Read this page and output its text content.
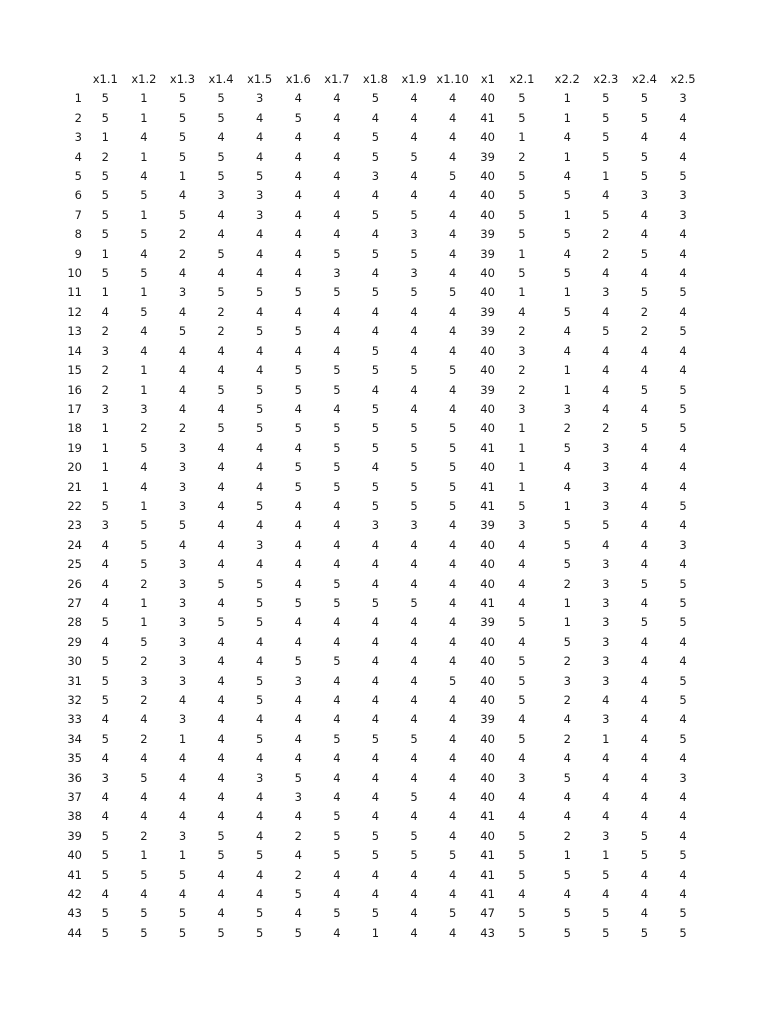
	x1.1	x1.2	x1.3	x1.4	x1.5	x1.6	x1.7	x1.8	x1.9	x1.10	x1	x2.1	x2.2	x2.3	x2.4	x2.5
1	5	1	5	5	3	4	4	5	4	4	40	5	1	5	5	3
2	5	1	5	5	4	5	4	4	4	4	41	5	1	5	5	4
3	1	4	5	4	4	4	4	5	4	4	40	1	4	5	4	4
4	2	1	5	5	4	4	4	5	5	4	39	2	1	5	5	4
5	5	4	1	5	5	4	4	3	4	5	40	5	4	1	5	5
6	5	5	4	3	3	4	4	4	4	4	40	5	5	4	3	3
7	5	1	5	4	3	4	4	5	5	4	40	5	1	5	4	3
8	5	5	2	4	4	4	4	4	3	4	39	5	5	2	4	4
9	1	4	2	5	4	4	5	5	5	4	39	1	4	2	5	4
10	5	5	4	4	4	4	3	4	3	4	40	5	5	4	4	4
11	1	1	3	5	5	5	5	5	5	5	40	1	1	3	5	5
12	4	5	4	2	4	4	4	4	4	4	39	4	5	4	2	4
13	2	4	5	2	5	5	4	4	4	4	39	2	4	5	2	5
14	3	4	4	4	4	4	4	5	4	4	40	3	4	4	4	4
15	2	1	4	4	4	5	5	5	5	5	40	2	1	4	4	4
16	2	1	4	5	5	5	5	4	4	4	39	2	1	4	5	5
17	3	3	4	4	5	4	4	5	4	4	40	3	3	4	4	5
18	1	2	2	5	5	5	5	5	5	5	40	1	2	2	5	5
19	1	5	3	4	4	4	5	5	5	5	41	1	5	3	4	4
20	1	4	3	4	4	5	5	4	5	5	40	1	4	3	4	4
21	1	4	3	4	4	5	5	5	5	5	41	1	4	3	4	4
22	5	1	3	4	5	4	4	5	5	5	41	5	1	3	4	5
23	3	5	5	4	4	4	4	3	3	4	39	3	5	5	4	4
24	4	5	4	4	3	4	4	4	4	4	40	4	5	4	4	3
25	4	5	3	4	4	4	4	4	4	4	40	4	5	3	4	4
26	4	2	3	5	5	4	5	4	4	4	40	4	2	3	5	5
27	4	1	3	4	5	5	5	5	5	4	41	4	1	3	4	5
28	5	1	3	5	5	4	4	4	4	4	39	5	1	3	5	5
29	4	5	3	4	4	4	4	4	4	4	40	4	5	3	4	4
30	5	2	3	4	4	5	5	4	4	4	40	5	2	3	4	4
31	5	3	3	4	5	3	4	4	4	5	40	5	3	3	4	5
32	5	2	4	4	5	4	4	4	4	4	40	5	2	4	4	5
33	4	4	3	4	4	4	4	4	4	4	39	4	4	3	4	4
34	5	2	1	4	5	4	5	5	5	4	40	5	2	1	4	5
35	4	4	4	4	4	4	4	4	4	4	40	4	4	4	4	4
36	3	5	4	4	3	5	4	4	4	4	40	3	5	4	4	3
37	4	4	4	4	4	3	4	4	5	4	40	4	4	4	4	4
38	4	4	4	4	4	4	5	4	4	4	41	4	4	4	4	4
39	5	2	3	5	4	2	5	5	5	4	40	5	2	3	5	4
40	5	1	1	5	5	4	5	5	5	5	41	5	1	1	5	5
41	5	5	5	4	4	2	4	4	4	4	41	5	5	5	4	4
42	4	4	4	4	4	5	4	4	4	4	41	4	4	4	4	4
43	5	5	5	4	5	4	5	5	4	5	47	5	5	5	4	5
44	5	5	5	5	5	5	4	1	4	4	43	5	5	5	5	5
